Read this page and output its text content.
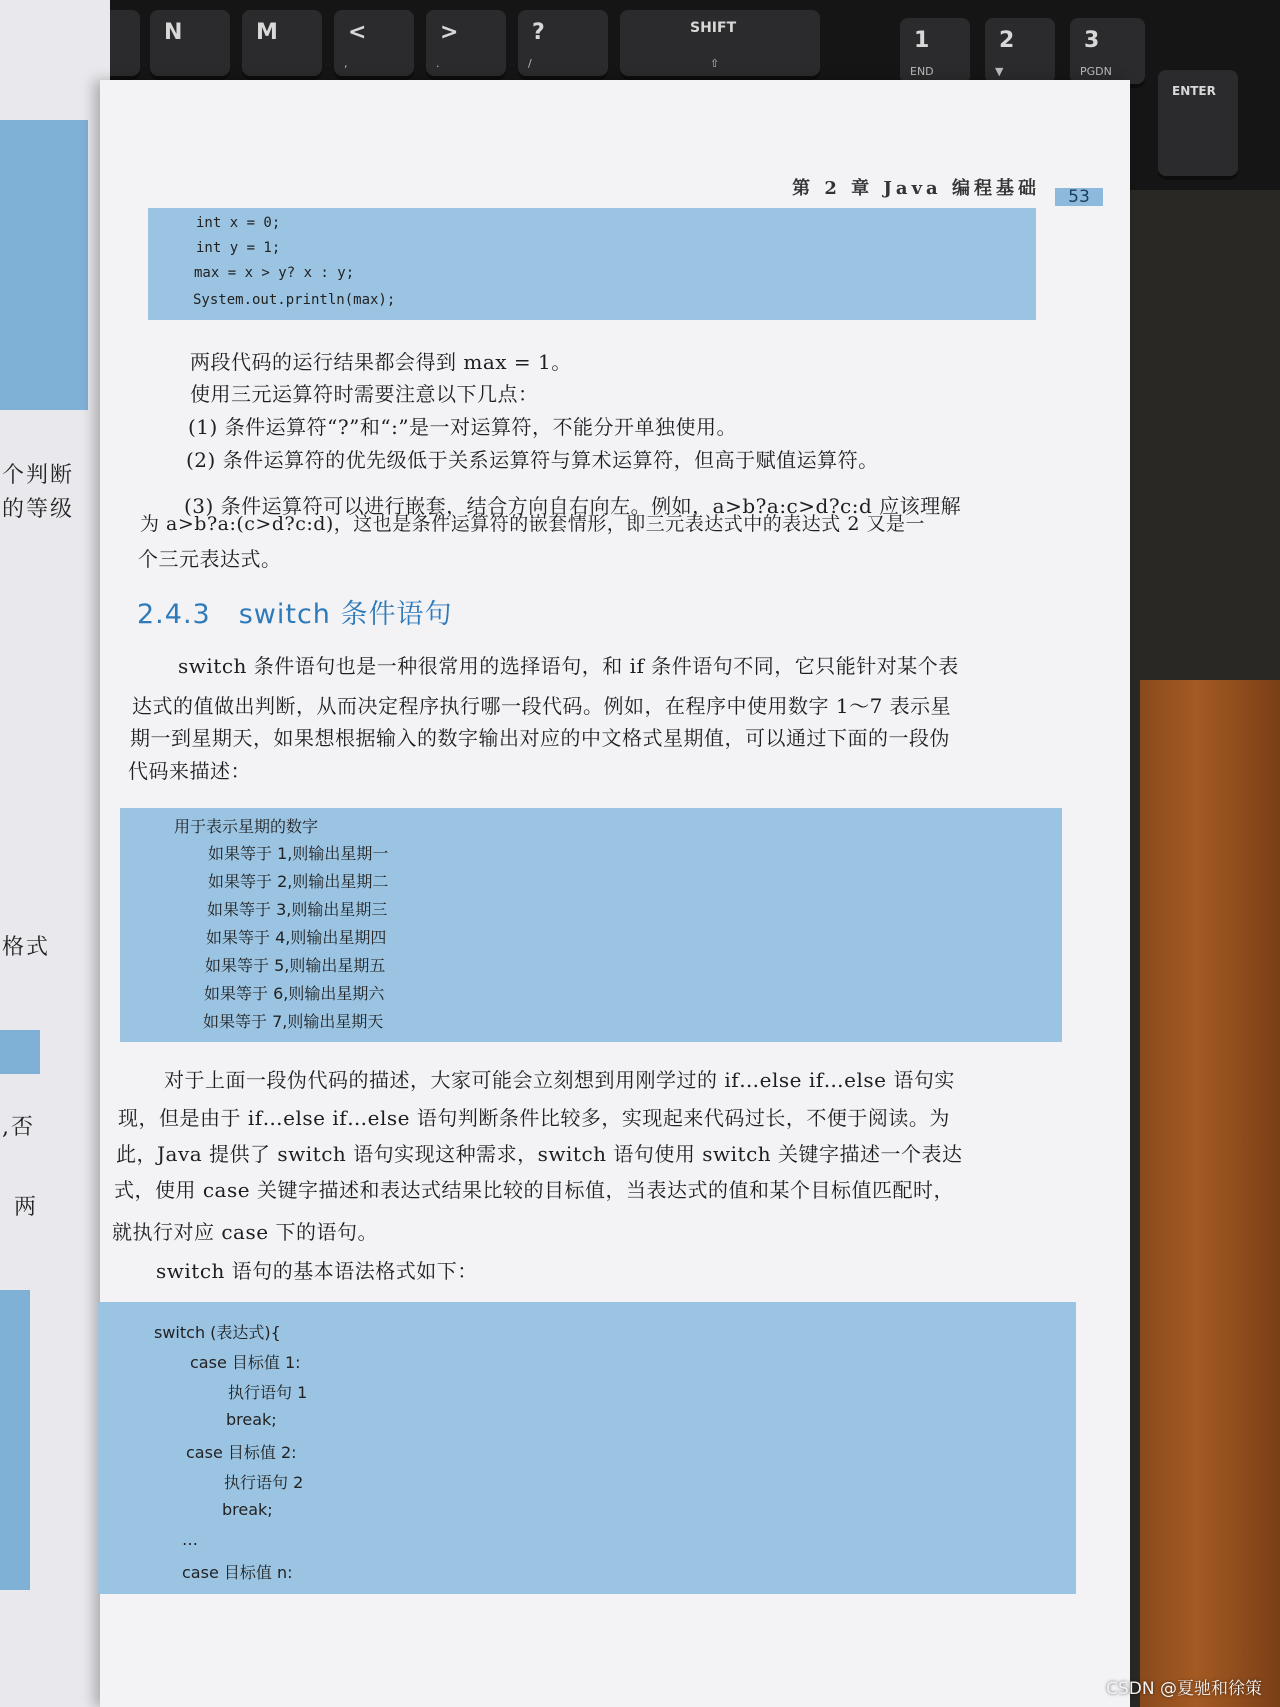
N	M	<
,
>
.
?
/
SHIFT
⇧
1
END
2
▼
3
PGDN
ENTER
个判断
的等级
格式
,否
两
第 2 章 Java 编程基础	53
int x = 0;
int y = 1;
max = x > y? x : y;
System.out.println(max);
两段代码的运行结果都会得到 max = 1。
使用三元运算符时需要注意以下几点：
(1) 条件运算符“?”和“:”是一对运算符，不能分开单独使用。
(2) 条件运算符的优先级低于关系运算符与算术运算符，但高于赋值运算符。
(3) 条件运算符可以进行嵌套，结合方向自右向左。例如，a>b?a:c>d?c:d 应该理解
为 a>b?a:(c>d?c:d)，这也是条件运算符的嵌套情形，即三元表达式中的表达式 2 又是一
个三元表达式。
2.4.3 switch 条件语句
switch 条件语句也是一种很常用的选择语句，和 if 条件语句不同，它只能针对某个表
达式的值做出判断，从而决定程序执行哪一段代码。例如，在程序中使用数字 1～7 表示星
期一到星期天，如果想根据输入的数字输出对应的中文格式星期值，可以通过下面的一段伪
代码来描述：
用于表示星期的数字
如果等于 1,则输出星期一
如果等于 2,则输出星期二
如果等于 3,则输出星期三
如果等于 4,则输出星期四
如果等于 5,则输出星期五
如果等于 6,则输出星期六
如果等于 7,则输出星期天
对于上面一段伪代码的描述，大家可能会立刻想到用刚学过的 if…else if…else 语句实
现，但是由于 if…else if…else 语句判断条件比较多，实现起来代码过长，不便于阅读。为
此，Java 提供了 switch 语句实现这种需求，switch 语句使用 switch 关键字描述一个表达
式，使用 case 关键字描述和表达式结果比较的目标值，当表达式的值和某个目标值匹配时，
就执行对应 case 下的语句。
switch 语句的基本语法格式如下：
switch (表达式){
case 目标值 1:
执行语句 1
break;
case 目标值 2:
执行语句 2
break;
…
case 目标值 n:
CSDN @夏驰和徐策
